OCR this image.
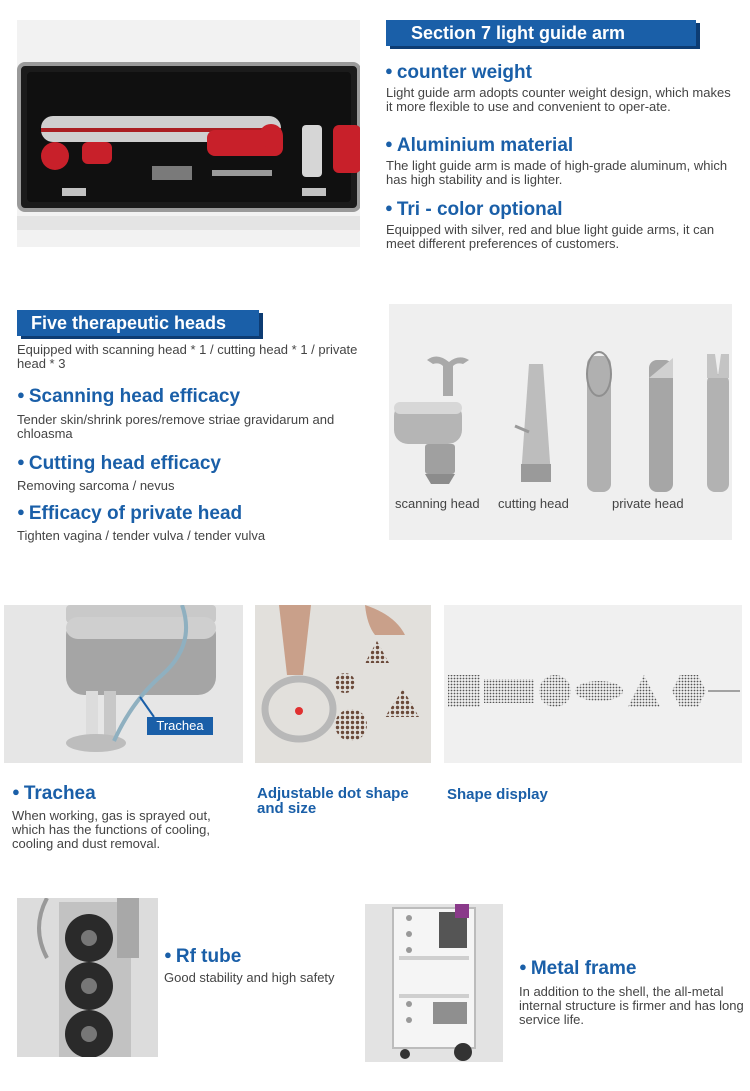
Section 7 light guide arm
● counter weight
Light guide arm adopts counter weight design, which makes it more flexible to use and convenient to oper-ate.
● Aluminium material
The light guide arm is made of high-grade aluminum, which has high stability and is lighter.
● Tri - color optional
Equipped with silver, red and blue light guide arms, it can meet different preferences of customers.
Five therapeutic heads
Equipped with scanning head * 1 / cutting head * 1 / private head * 3
● Scanning head efficacy
Tender skin/shrink pores/remove striae gravidarum and chloasma
● Cutting head efficacy
Removing sarcoma / nevus
● Efficacy of private head
Tighten vagina / tender vulva / tender vulva
scanning head cutting head	private head
Trachea
● Trachea
When working, gas is sprayed out, which has the functions of cooling, cooling and dust removal.
Adjustable dot shape and size
Shape display
● Rf tube
Good stability and high safety
● Metal frame
In addition to the shell, the all-metal internal structure is firmer and has long service life.
